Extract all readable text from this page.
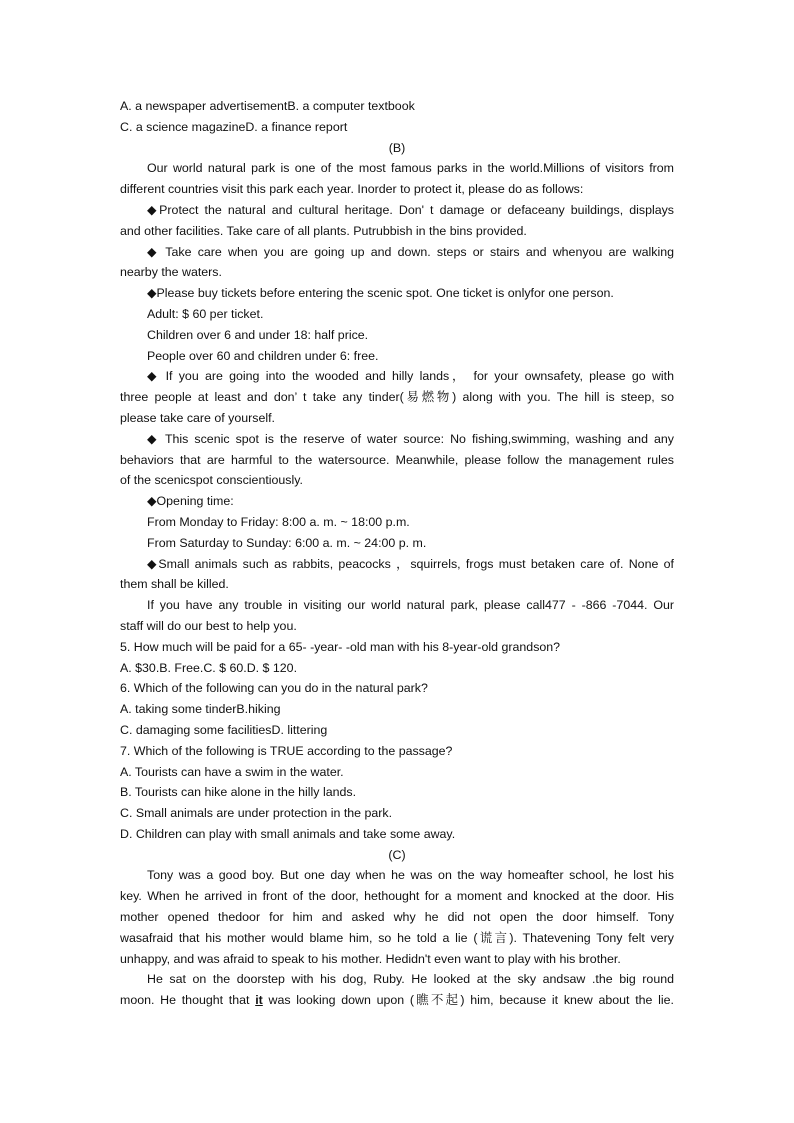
A. a newspaper advertisementB. a computer textbook
C. a science magazineD. a finance report
(B)
Our world natural park is one of the most famous parks in the world.Millions of visitors from
different countries visit this park each year. Inorder to protect it, please do as follows:
◆Protect the natural and cultural heritage. Don' t damage or defaceany buildings, displays
and other facilities. Take care of all plants. Putrubbish in the bins provided.
◆ Take care when you are going up and down. steps or stairs and whenyou are walking
nearby the waters.
◆Please buy tickets before entering the scenic spot. One ticket is onlyfor one person.
Adult: $ 60 per ticket.
Children over 6 and under 18: half price.
People over 60 and children under 6: free.
◆ If you are going into the wooded and hilly lands， for your ownsafety, please go with
three people at least and don’ t take any tinder(易燃物) along with you. The hill is steep, so
please take care of yourself.
◆ This scenic spot is the reserve of water source: No fishing,swimming, washing and any
behaviors that are harmful to the watersource. Meanwhile, please follow the management rules
of the scenicspot conscientiously.
◆Opening time:
From Monday to Friday: 8:00 a. m. ~ 18:00 p.m.
From Saturday to Sunday: 6:00 a. m. ~ 24:00 p. m.
◆Small animals such as rabbits, peacocks ，squirrels, frogs must betaken care of. None of
them shall be killed.
If you have any trouble in visiting our world natural park, please call477 - -866 -7044. Our
staff will do our best to help you.
5. How much will be paid for a 65- -year- -old man with his 8-year-old grandson?
A. $30.B. Free.C. $ 60.D. $ 120.
6. Which of the following can you do in the natural park?
A. taking some tinderB.hiking
C. damaging some facilitiesD. littering
7. Which of the following is TRUE according to the passage?
A. Tourists can have a swim in the water.
B. Tourists can hike alone in the hilly lands.
C. Small animals are under protection in the park.
D. Children can play with small animals and take some away.
(C)
Tony was a good boy. But one day when he was on the way homeafter school, he lost his
key. When he arrived in front of the door, hethought for a moment and knocked at the door. His
mother opened thedoor for him and asked why he did not open the door himself. Tony
wasafraid that his mother would blame him, so he told a lie (谎言). Thatevening Tony felt very
unhappy, and was afraid to speak to his mother. Hedidn't even want to play with his brother.
He sat on the doorstep with his dog, Ruby. He looked at the sky andsaw .the big round
moon. He thought that it was looking down upon (瞧不起) him, because it knew about the lie.
